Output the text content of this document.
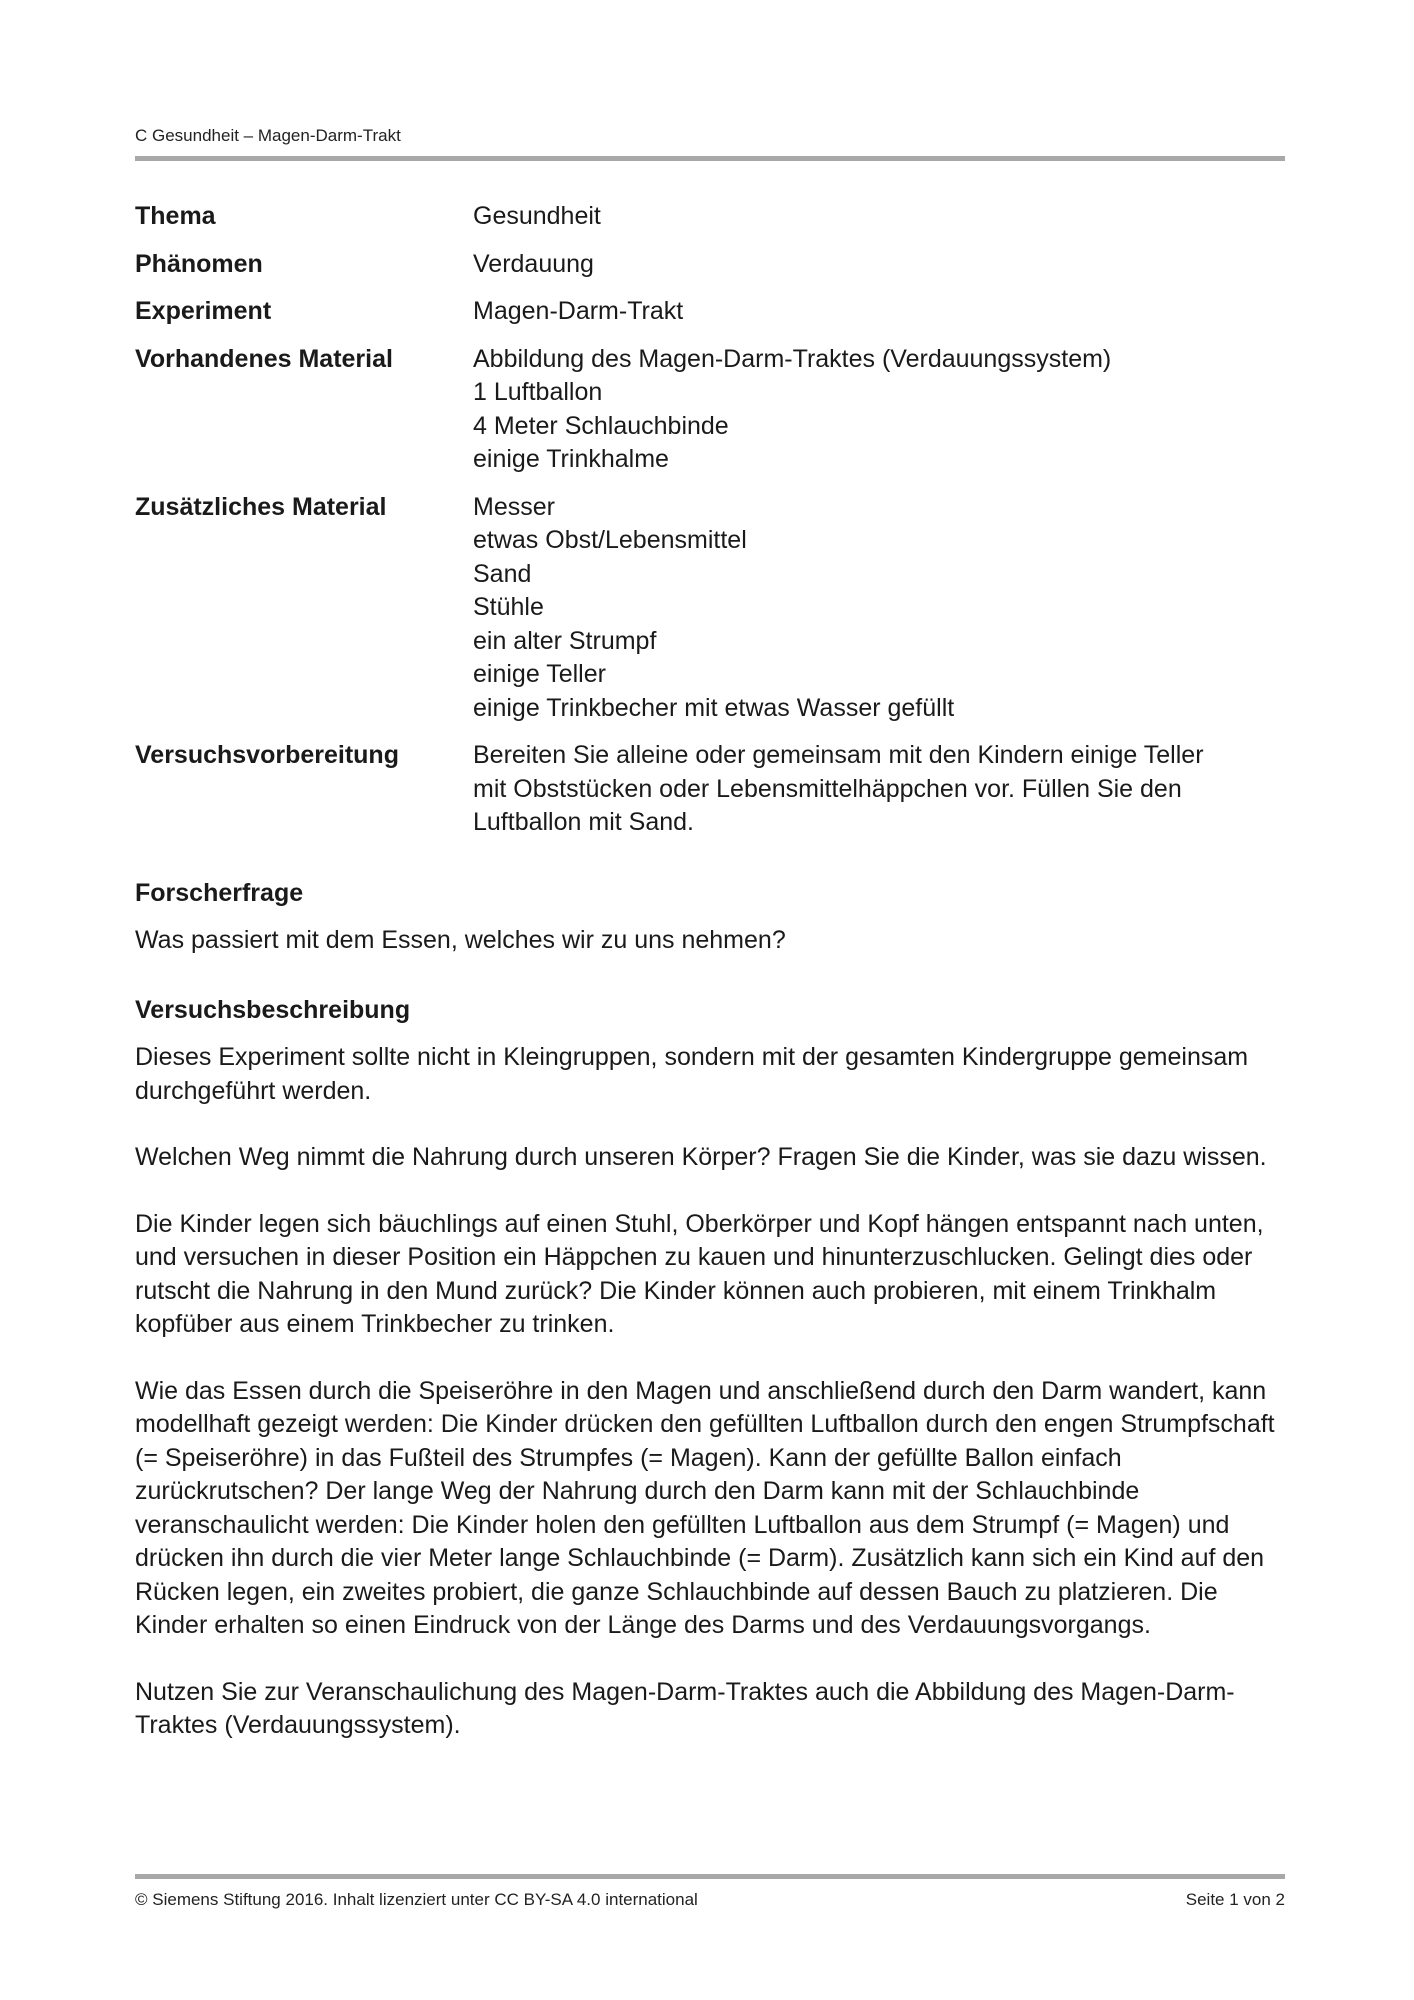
C Gesundheit – Magen-Darm-Trakt
Thema	Gesundheit
Phänomen	Verdauung
Experiment	Magen-Darm-Trakt
Vorhandenes Material	Abbildung des Magen-Darm-Traktes (Verdauungssystem)
1 Luftballon
4 Meter Schlauchbinde
einige Trinkhalme
Zusätzliches Material	Messer
etwas Obst/Lebensmittel
Sand
Stühle
ein alter Strumpf
einige Teller
einige Trinkbecher mit etwas Wasser gefüllt
Versuchsvorbereitung	Bereiten Sie alleine oder gemeinsam mit den Kindern einige Teller
mit Obststücken oder Lebensmittelhäppchen vor. Füllen Sie den
Luftballon mit Sand.
Forscherfrage

Was passiert mit dem Essen, welches wir zu uns nehmen?

Versuchsbeschreibung

Dieses Experiment sollte nicht in Kleingruppen, sondern mit der gesamten Kindergruppe gemeinsam durchgeführt werden.

Welchen Weg nimmt die Nahrung durch unseren Körper? Fragen Sie die Kinder, was sie dazu wissen.

Die Kinder legen sich bäuchlings auf einen Stuhl, Oberkörper und Kopf hängen entspannt nach unten, und versuchen in dieser Position ein Häppchen zu kauen und hinunterzuschlucken. Gelingt dies oder rutscht die Nahrung in den Mund zurück? Die Kinder können auch probieren, mit einem Trinkhalm kopfüber aus einem Trinkbecher zu trinken.

Wie das Essen durch die Speiseröhre in den Magen und anschließend durch den Darm wandert, kann modellhaft gezeigt werden: Die Kinder drücken den gefüllten Luftballon durch den engen Strumpfschaft (= Speiseröhre) in das Fußteil des Strumpfes (= Magen). Kann der gefüllte Ballon einfach zurückrutschen? Der lange Weg der Nahrung durch den Darm kann mit der Schlauchbinde veranschaulicht werden: Die Kinder holen den gefüllten Luftballon aus dem Strumpf (= Magen) und drücken ihn durch die vier Meter lange Schlauchbinde (= Darm). Zusätzlich kann sich ein Kind auf den Rücken legen, ein zweites probiert, die ganze Schlauchbinde auf dessen Bauch zu platzieren. Die Kinder erhalten so einen Eindruck von der Länge des Darms und des Verdauungsvorgangs.

Nutzen Sie zur Veranschaulichung des Magen-Darm-Traktes auch die Abbildung des Magen-Darm-Traktes (Verdauungssystem).

© Siemens Stiftung 2016. Inhalt lizenziert unter CC BY-SA 4.0 international	Seite 1 von 2
